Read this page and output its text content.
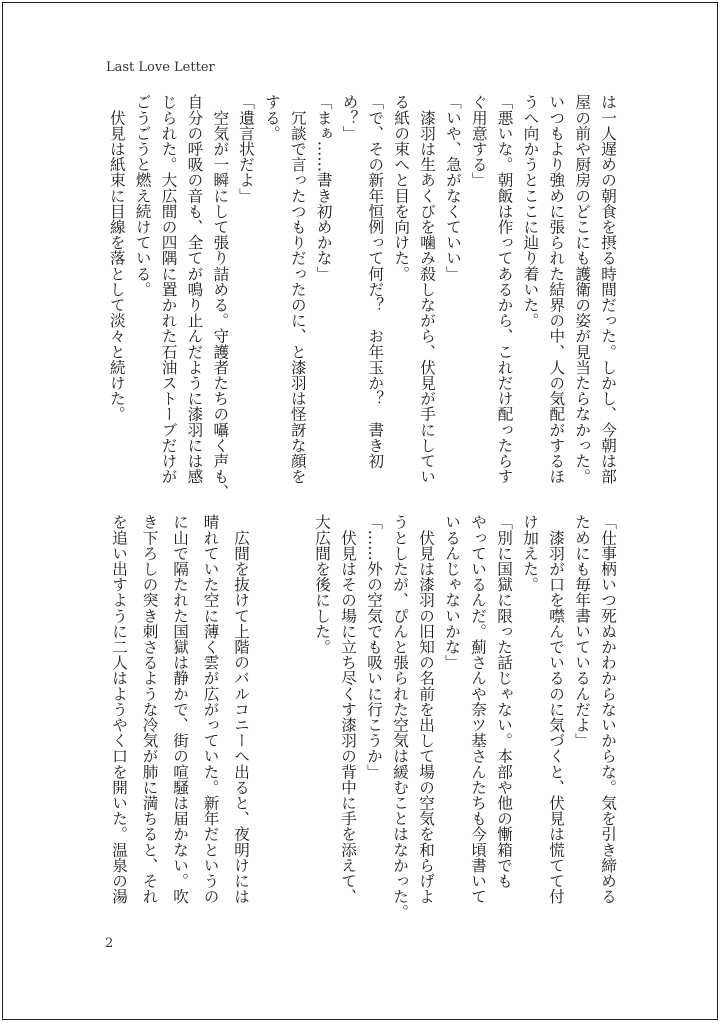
Last Love Letter
は一人遅めの朝食を摂る時間だった。しかし、今朝は部
屋の前や厨房のどこにも護衛の姿が見当たらなかった。
いつもより強めに張られた結界の中、人の気配がするほ
うへ向かうとここに辿り着いた。
「悪いな。朝飯は作ってあるから、これだけ配ったらす
ぐ用意する」
「いや、急がなくていい」
　漆羽は生あくびを噛み殺しながら、伏見が手にしてい
る紙の束へと目を向けた。
「で、その新年恒例って何だ？　お年玉か？　書き初
め？」
「まぁ……書き初めかな」
　冗談で言ったつもりだったのに、と漆羽は怪訝な顔を
する。
「遺言状だよ」
　空気が一瞬にして張り詰める。守護者たちの囁く声も、
自分の呼吸の音も、全てが鳴り止んだように漆羽には感
じられた。大広間の四隅に置かれた石油ストーブだけが
ごうごうと燃え続けている。
　伏見は紙束に目線を落として淡々と続けた。
「仕事柄いつ死ぬかわからないからな。気を引き締める
ためにも毎年書いているんだよ」
　漆羽が口を噤んでいるのに気づくと、伏見は慌てて付
け加えた。
「別に国獄に限った話じゃない。本部や他の慚箱でも
やっているんだ。薊さんや奈ツ基さんたちも今頃書いて
いるんじゃないかな」
　伏見は漆羽の旧知の名前を出して場の空気を和らげよ
うとしたが、ぴんと張られた空気は緩むことはなかった。
「……外の空気でも吸いに行こうか」
　伏見はその場に立ち尽くす漆羽の背中に手を添えて、
大広間を後にした。
　広間を抜けて上階のバルコニーへ出ると、夜明けには
晴れていた空に薄く雲が広がっていた。新年だというの
に山で隔たれた国獄は静かで、街の喧騒は届かない。吹
き下ろしの突き刺さるような冷気が肺に満ちると、それ
を追い出すように二人はようやく口を開いた。温泉の湯
2
